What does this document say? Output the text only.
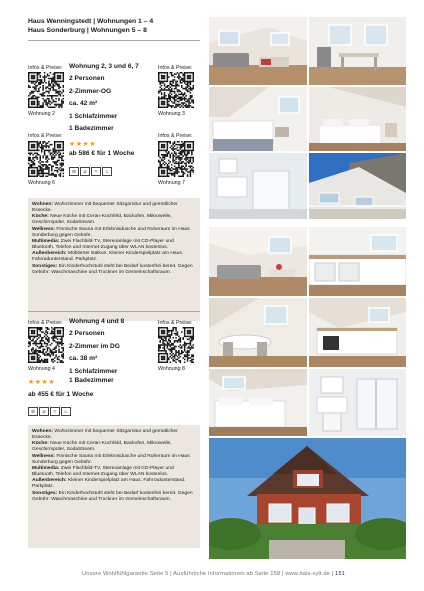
Haus Wenningstedt | Wohnungen 1 – 4
Haus Sonderburg | Wohnungen 5 – 8
Infos & Preise:
Wohnung 2
Infos & Preise:
Wohnung 3
Infos & Preise:
Wohnung 6
Infos & Preise:
Wohnung 7
Wohnung 2, 3 und 6, 7
2 Personen
2-Zimmer-OG
ca. 42 m²
1 Schlafzimmer
1 Badezimmer
★★★★
ab 586 € für 1 Woche
⊘	⌀	≈	♨
Wohnen: Wohnzimmer mit bequemer Sitzgarnitur und gemütlicher Essecke.
Küche: Neue Küche mit Ceran-Kochfeld, Backofen, Mikrowelle, Geschirrspüler, SodaStream.
Wellness: Finnische Sauna mit Erlebnisdusche und Ruheraum im Haus Sonderburg gegen Gebühr.
Multimedia: Zwei Flachbild-TV, Stereoanlage mit CD-Player und Bluetooth. Telefon und Internet-Zugang über WLAN kostenlos.
Außenbereich: Möblierter Balkon. Kleiner Kinderspielplatz am Haus. Fahrradunterstand. Parkplatz.
Sonstiges: Ein Kinderhochstuhl steht bei Bedarf kostenfrei bereit. Gegen Gebühr: Waschmaschine und Trockner im Gemeinschaftsraum.
Infos & Preise:
Wohnung 4
Infos & Preise:
Wohnung 8
Wohnung 4 und 8
2 Personen
2-Zimmer im DG
ca. 38 m²
1 Schlafzimmer
★★★★ 1 Badezimmer
ab 455 € für 1 Woche
⊘	⌀	≈	♨
Wohnen: Wohnzimmer mit bequemer Sitzgarnitur und gemütlicher Essecke.
Küche: Neue Küche mit Ceran-Kochfeld, Backofen, Mikrowelle, Geschirrspüler, SodaStream.
Wellness: Finnische Sauna mit Erlebnisdusche und Ruheraum im Haus Sonderburg gegen Gebühr.
Multimedia: Zwei Flachbild-TV, Stereoanlage mit CD-Player und Bluetooth. Telefon und Internet-Zugang über WLAN kostenlos.
Außenbereich: Kleiner Kinderspielplatz am Haus. Fahrradunterstand. Parkplatz.
Sonstiges: Ein Kinderhochstuhl steht bei Bedarf kostenfrei bereit. Gegen Gebühr: Waschmaschine und Trockner im Gemeinschaftsraum.
Unsere Wohlfühlgarantie Seite 5 | Ausführliche Informationen ab Seite 158 | www.bals-sylt.de | 151
